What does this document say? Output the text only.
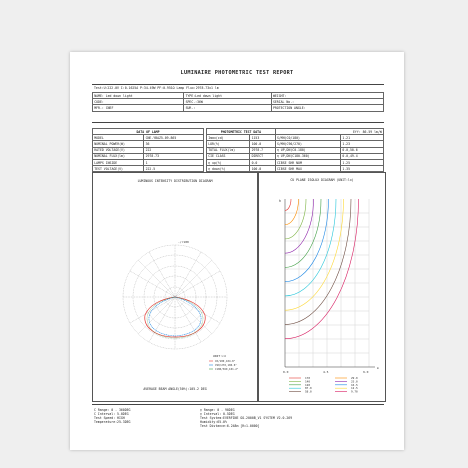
LUMINAIRE PHOTOMETRIC TEST REPORT
Test:U:222.0V I:0.1625A P:34.49W PF:0.951Ω Lamp Flux:2978.73x1 lm
NAME: Led down light	TYPE:Led down light	WEIGHT:
CODE:	SPEC.:36W	SERIAL No.:
MFR.: CNEF	SUR.:	PROTECTION ANGLE:
DATA OF LAMP	
MODEL	CNE-YBAZ5-09-865
NOMINAL POWER(W)	36
RATED VOLTAGE(V)	222
NOMINAL FLUX(lm)	2978.73
LAMPS INSIDE	1
TEST VOLTAGE(V)	222.5
PHOTOMETRIC TEST DATA		Eff: 86.59 lm/W	
Imax(cd)	1153	S/MH(C0/180)	1.21
LOR(%)	100.0	S/MH(C90/270)	1.23
TOTAL FLUX(lm)	2978.7	η UP,DN(C0-180)	0.0,50.6
CIE CLASS	DIRECT	η UP,DN(C180-360)	0.0,49.4
η up(%)	0.0	CIBSE SHR NOM	1.25
η down(%)	100.0	CIBSE SHR MAX	1.35
LUMINOUS INTENSITY DISTRIBUTION DIAGRAM
-/r180
UNIT:cd
C0/180,104.8°
C90/270,100.6°
C180/360,101.2°
AVERAGE BEAM ANGLE(50%):105.2 DEG
CU PLANE ISOLUX DIAGRAM (UNIT:lx)
h
0.0	4.5	9.0
m
170	29.0
140	23.0
120	16.5
87.0	12.5
58.0	9.70
C Range: 0 - 360DEG
C Interval: 5.0DEG
Test Speed: HIGH
Temperature:25.3DEG
γ Range: 0 - 90DEG
γ Interval: 0.5DEG
Test System:EVERFINE GO-2000B_V1 SYSTEM V2.0.269
Humidity:65.0%
Test Distance:6.248m [R=1.0000]
